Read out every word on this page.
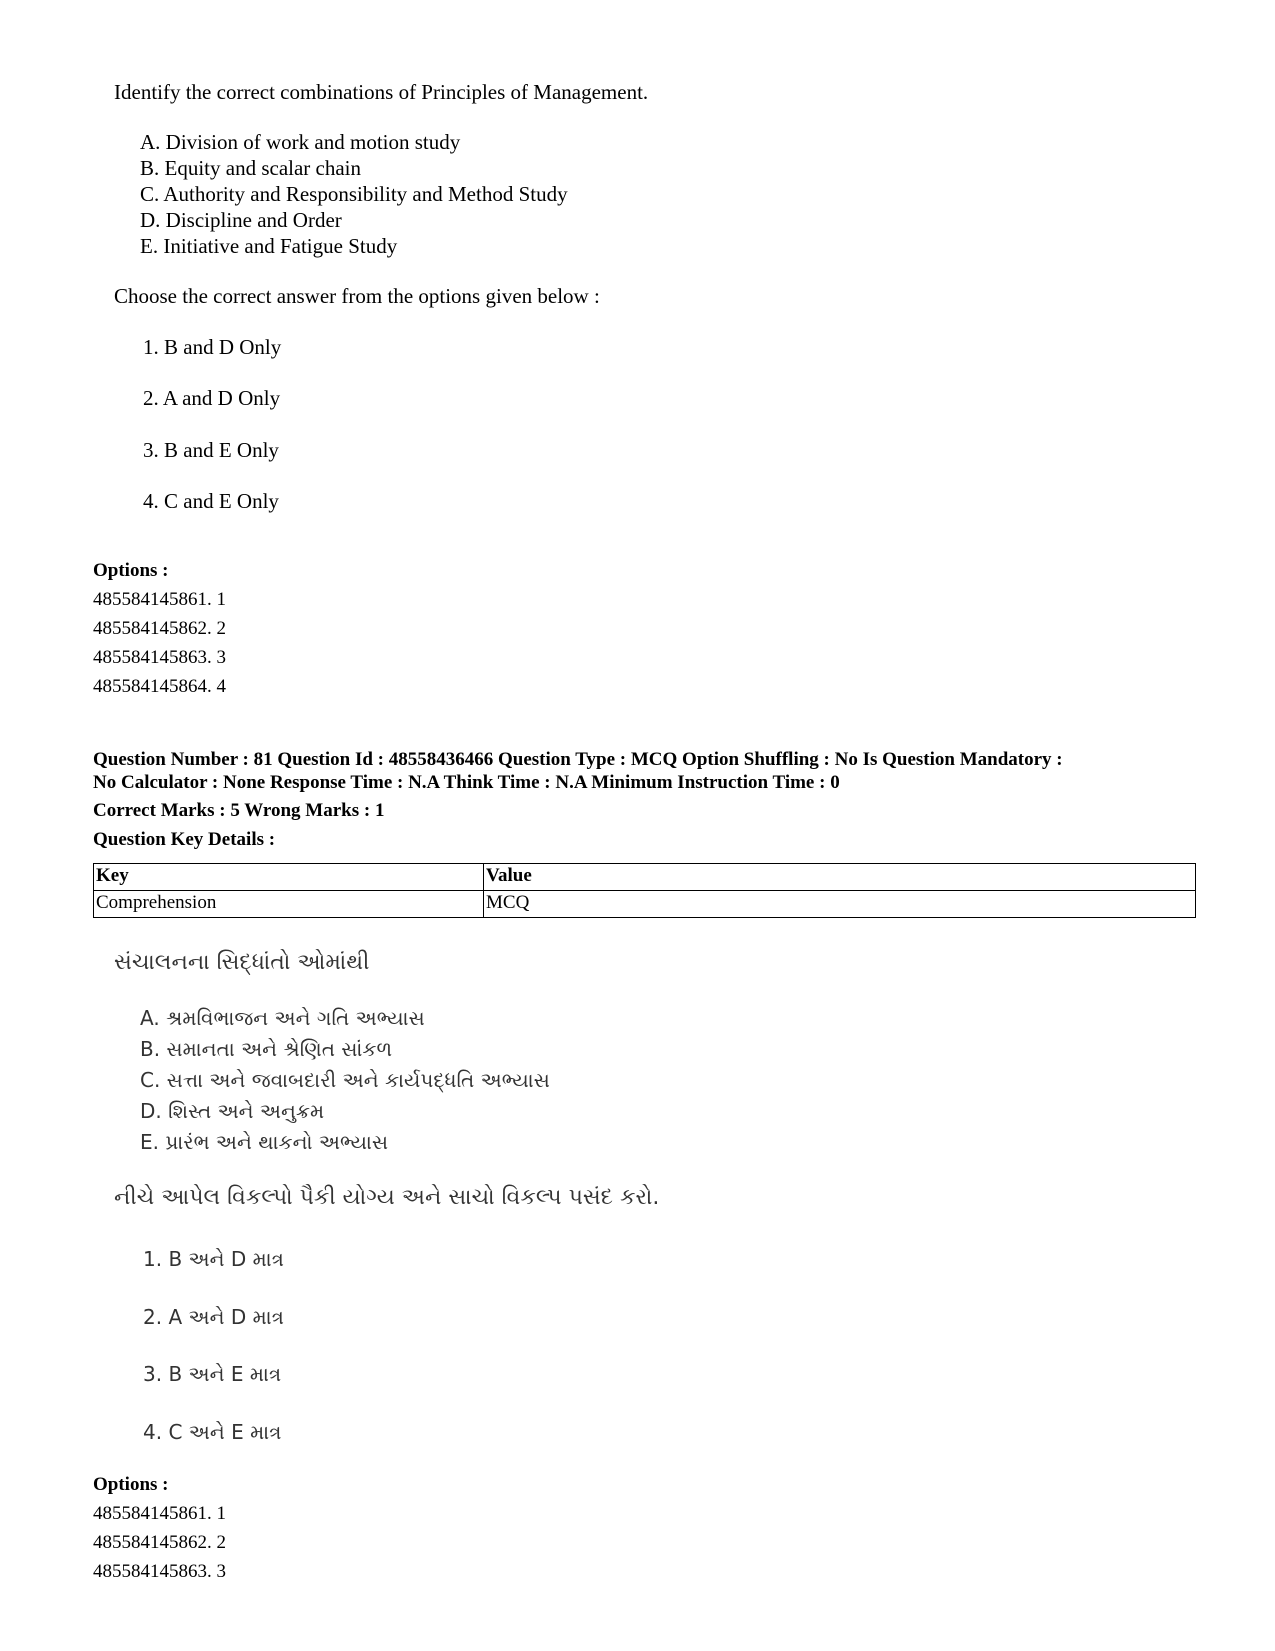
Identify the correct combinations of Principles of Management.
A. Division of work and motion study
B. Equity and scalar chain
C. Authority and Responsibility and Method Study
D. Discipline and Order
E. Initiative and Fatigue Study
Choose the correct answer from the options given below :
1. B and D Only
2. A and D Only
3. B and E Only
4. C and E Only
Options :
485584145861. 1
485584145862. 2
485584145863. 3
485584145864. 4
Question Number : 81 Question Id : 48558436466 Question Type : MCQ Option Shuffling : No Is Question Mandatory :
No Calculator : None Response Time : N.A Think Time : N.A Minimum Instruction Time : 0
Correct Marks : 5 Wrong Marks : 1
Question Key Details :
Key	Value
Comprehension	MCQ
સંચાલનના સિદ્ધાંતો ઓમાંથી
A. શ્રમવિભાજન અને ગતિ અભ્યાસ
B. સમાનતા અને શ્રેણિત સાંકળ
C. સત્તા અને જવાબદારી અને કાર્યપદ્ધતિ અભ્યાસ
D. શિસ્ત અને અનુક્રમ
E. પ્રારંભ અને થાકનો અભ્યાસ
નીચે આપેલ વિકલ્પો પૈકી યોગ્ય અને સાચો વિકલ્પ પસંદ કરો.
1. B અને D માત્ર
2. A અને D માત્ર
3. B અને E માત્ર
4. C અને E માત્ર
Options :
485584145861. 1
485584145862. 2
485584145863. 3
